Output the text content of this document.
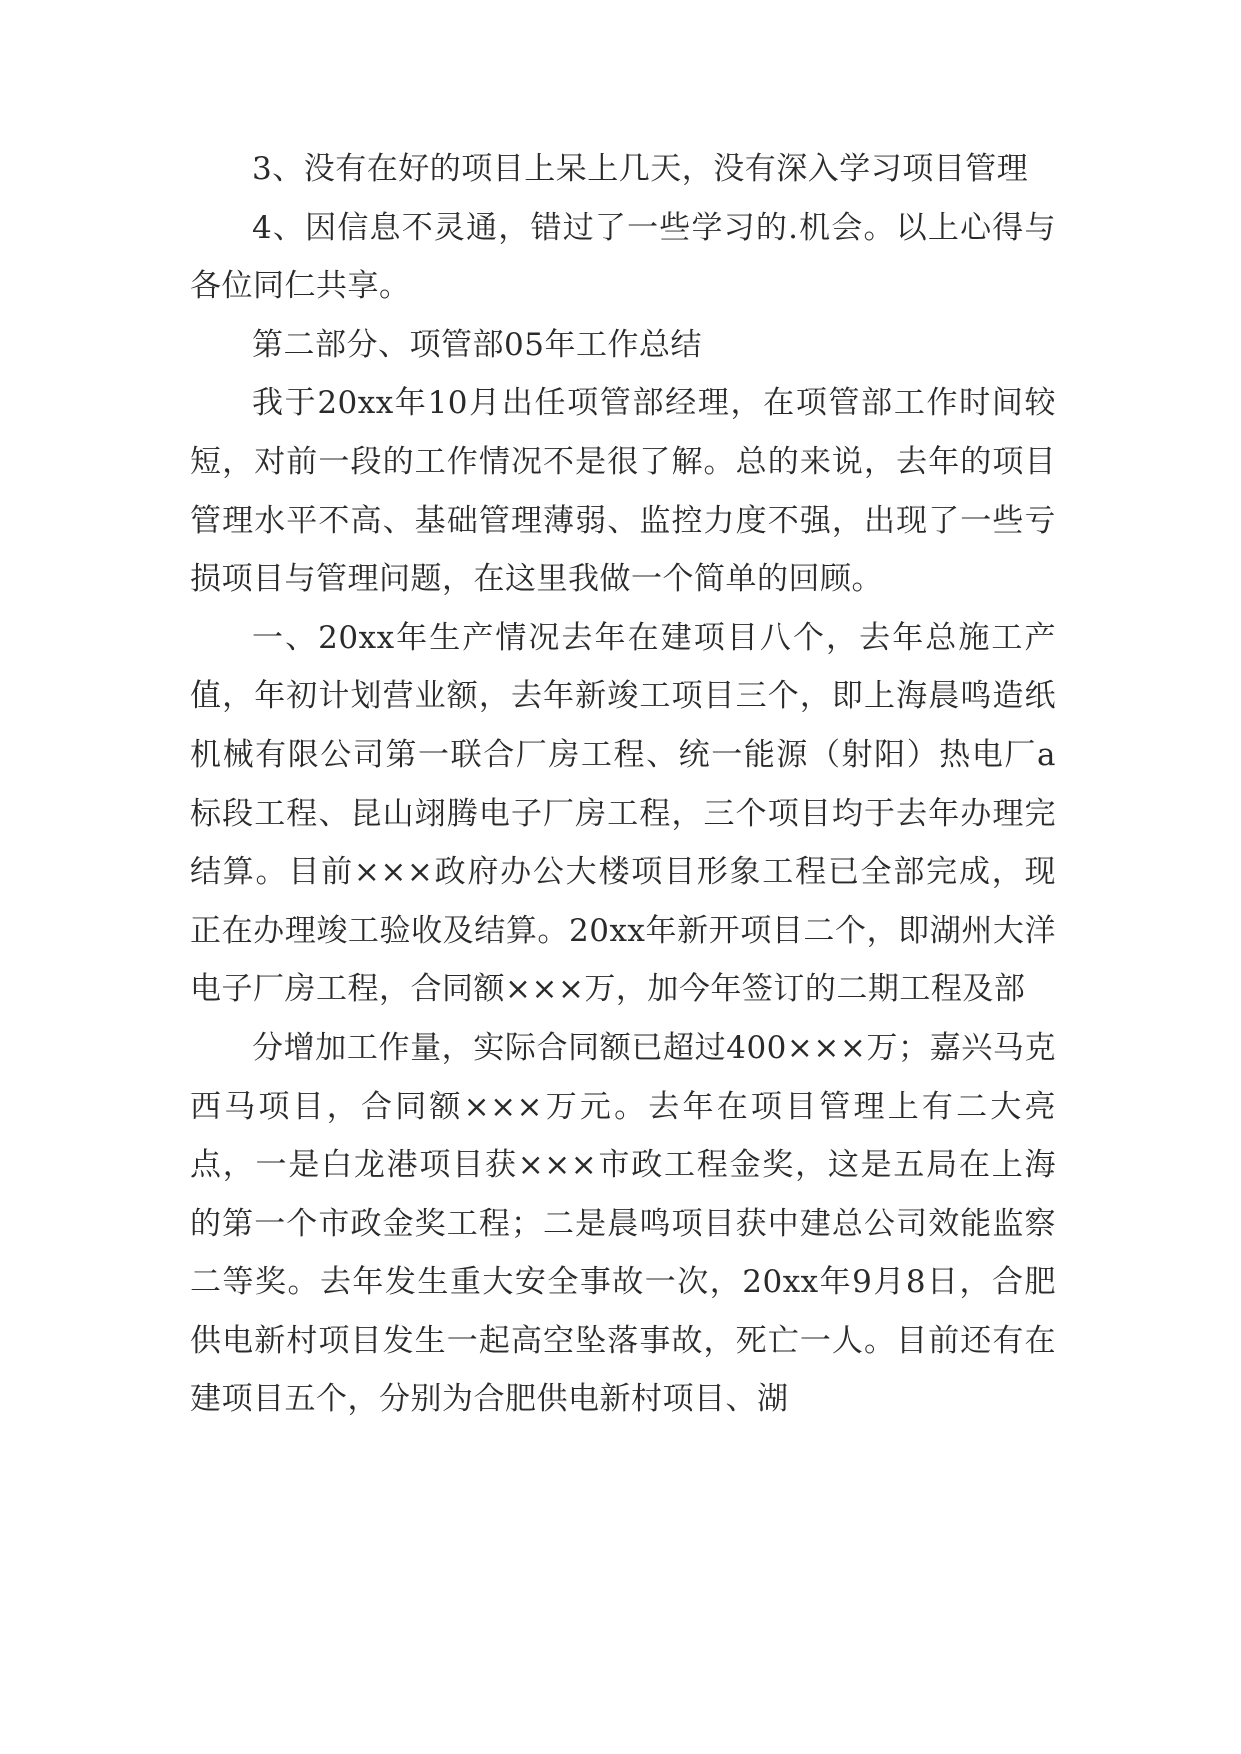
3、没有在好的项目上呆上几天，没有深入学习项目管理

4、因信息不灵通，错过了一些学习的.机会。以上心得与各位同仁共享。

第二部分、项管部05年工作总结

我于20xx年10月出任项管部经理，在项管部工作时间较短，对前一段的工作情况不是很了解。总的来说，去年的项目管理水平不高、基础管理薄弱、监控力度不强，出现了一些亏损项目与管理问题，在这里我做一个简单的回顾。

一、20xx年生产情况去年在建项目八个，去年总施工产值，年初计划营业额，去年新竣工项目三个，即上海晨鸣造纸机械有限公司第一联合厂房工程、统一能源（射阳）热电厂a标段工程、昆山翊腾电子厂房工程，三个项目均于去年办理完结算。目前×××政府办公大楼项目形象工程已全部完成，现正在办理竣工验收及结算。20xx年新开项目二个，即湖州大洋电子厂房工程，合同额×××万，加今年签订的二期工程及部

分增加工作量，实际合同额已超过400×××万；嘉兴马克西马项目，合同额×××万元。去年在项目管理上有二大亮点，一是白龙港项目获×××市政工程金奖，这是五局在上海的第一个市政金奖工程；二是晨鸣项目获中建总公司效能监察二等奖。去年发生重大安全事故一次，20xx年9月8日，合肥供电新村项目发生一起高空坠落事故，死亡一人。目前还有在建项目五个，分别为合肥供电新村项目、湖
